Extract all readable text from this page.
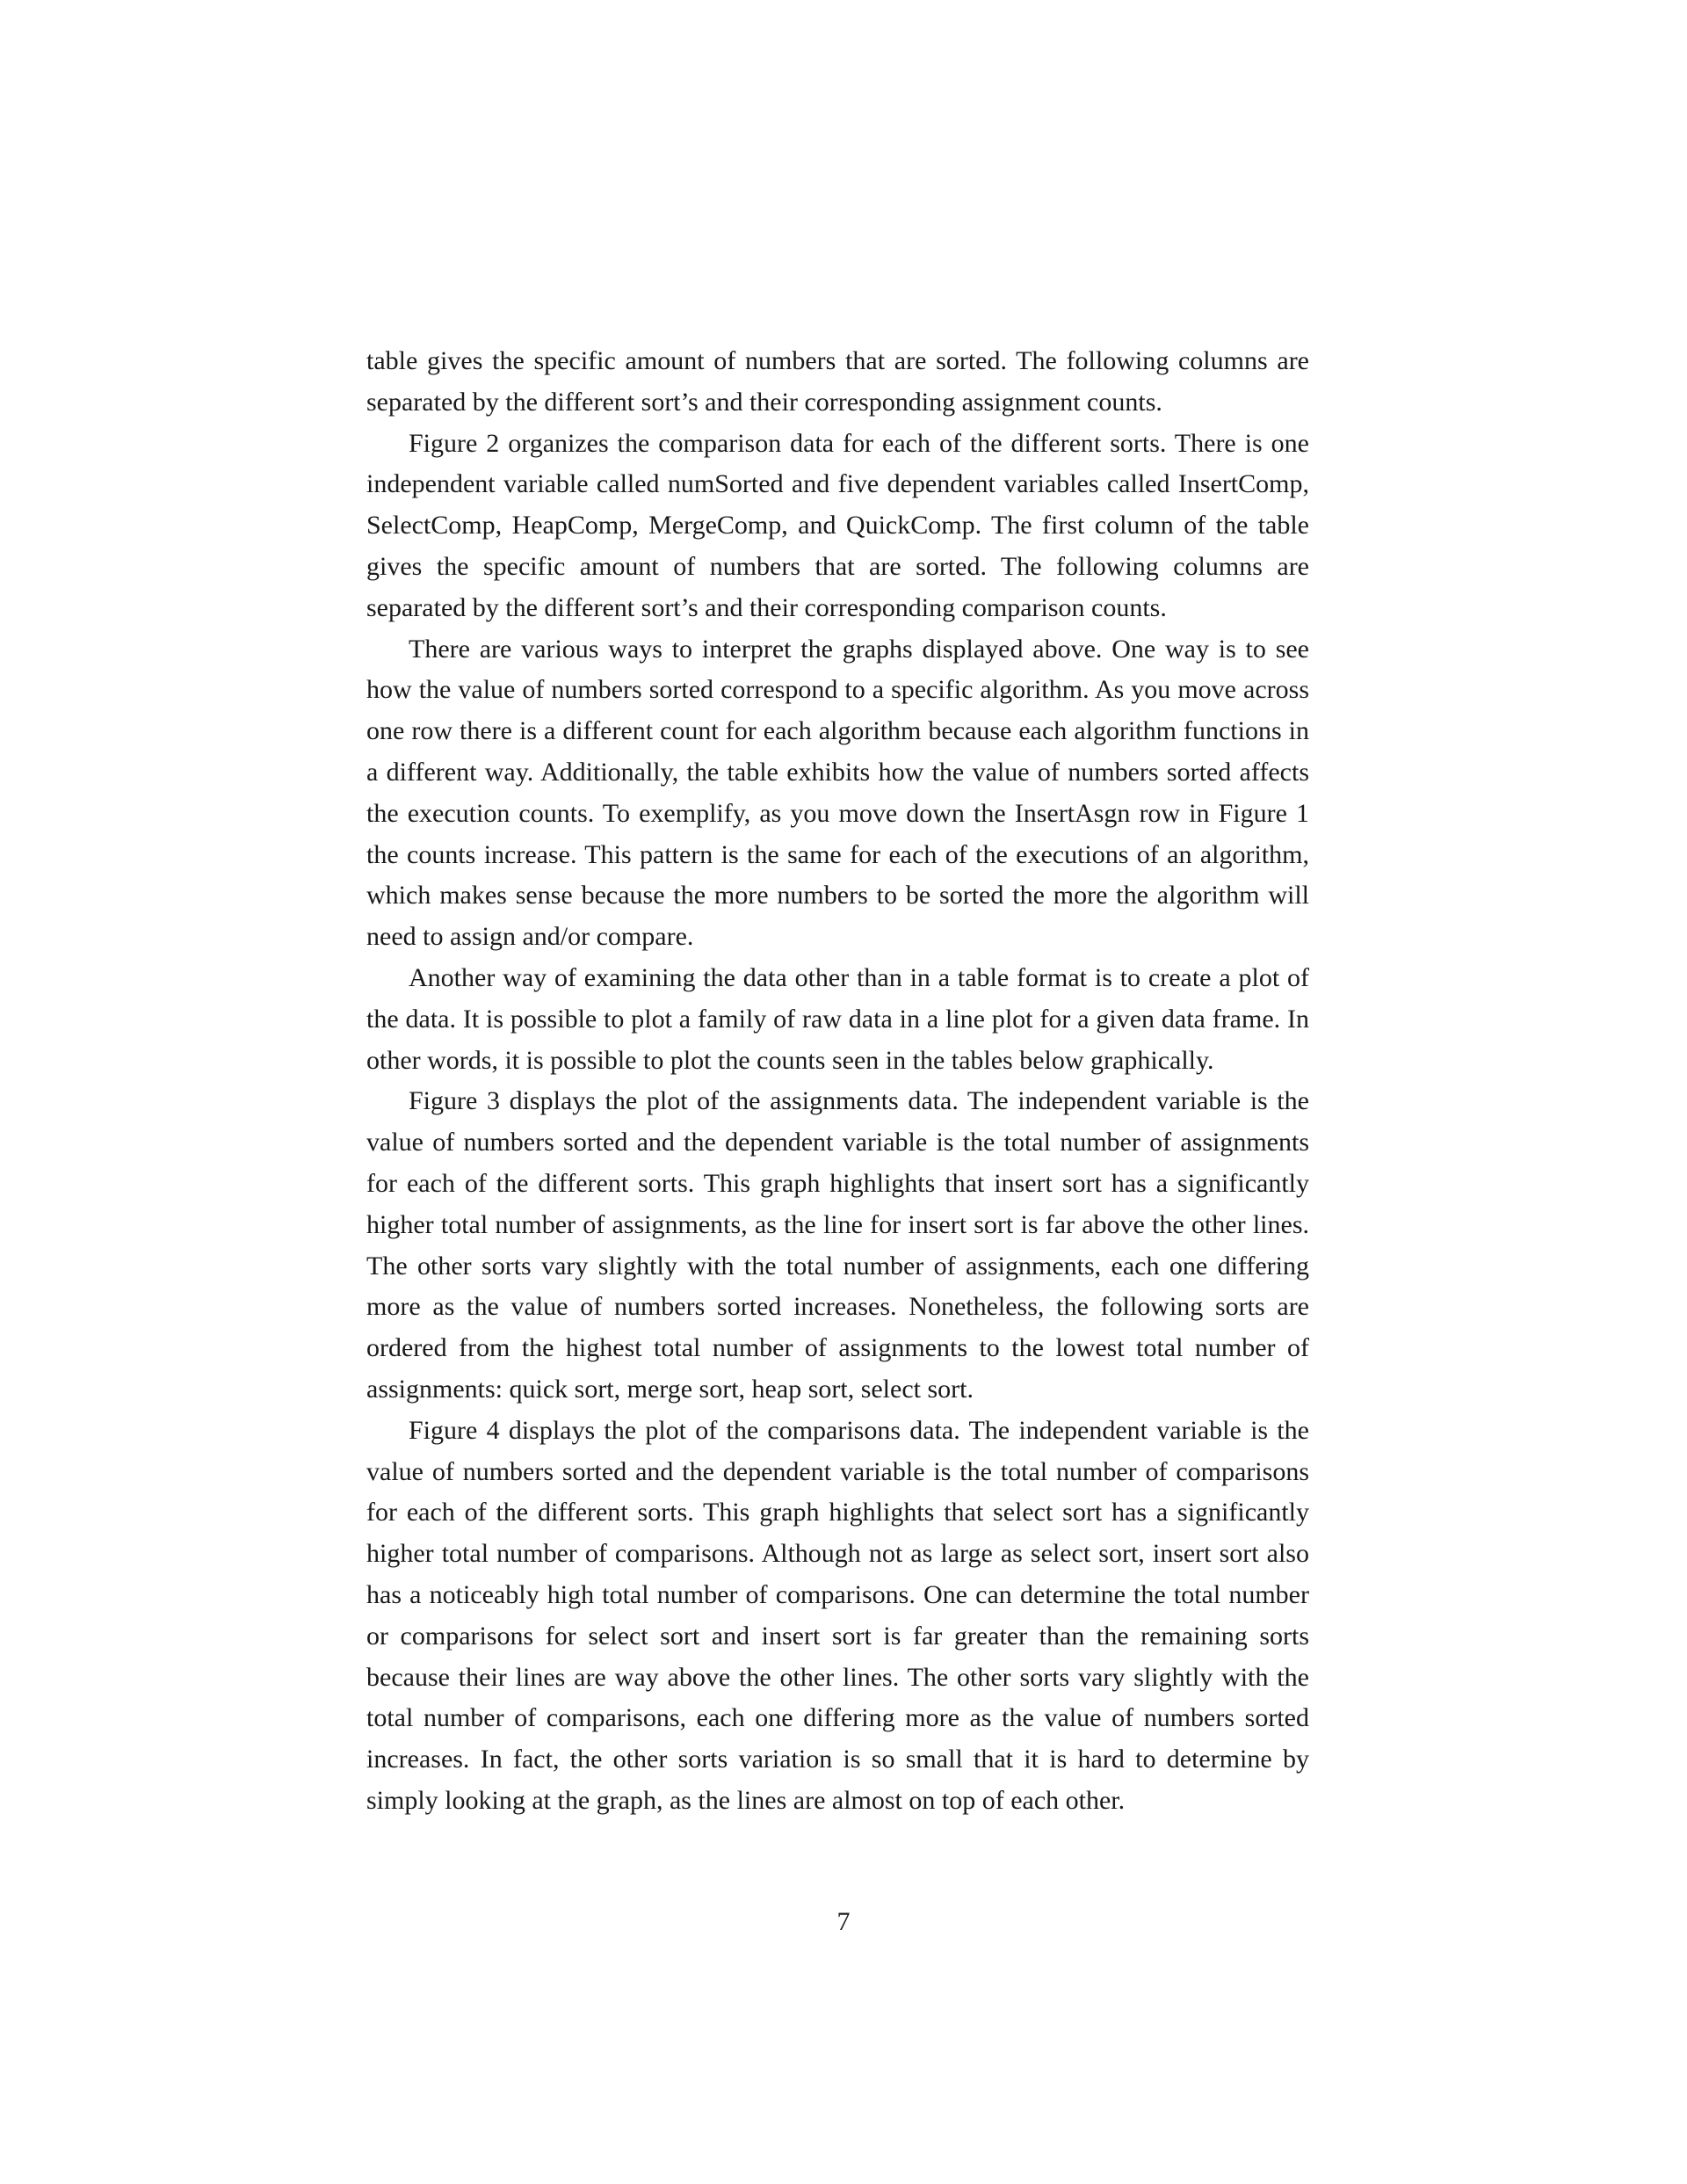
table gives the specific amount of numbers that are sorted. The following columns are separated by the different sort’s and their corresponding assignment counts.

Figure 2 organizes the comparison data for each of the different sorts. There is one independent variable called numSorted and five dependent variables called InsertComp, SelectComp, HeapComp, MergeComp, and QuickComp. The first column of the table gives the specific amount of numbers that are sorted. The following columns are separated by the different sort’s and their corresponding comparison counts.

There are various ways to interpret the graphs displayed above. One way is to see how the value of numbers sorted correspond to a specific algorithm. As you move across one row there is a different count for each algorithm because each algorithm functions in a different way. Additionally, the table exhibits how the value of numbers sorted affects the execution counts. To exemplify, as you move down the InsertAsgn row in Figure 1 the counts increase. This pattern is the same for each of the executions of an algorithm, which makes sense because the more numbers to be sorted the more the algorithm will need to assign and/or compare.

Another way of examining the data other than in a table format is to create a plot of the data. It is possible to plot a family of raw data in a line plot for a given data frame. In other words, it is possible to plot the counts seen in the tables below graphically.

Figure 3 displays the plot of the assignments data. The independent variable is the value of numbers sorted and the dependent variable is the total number of assignments for each of the different sorts. This graph highlights that insert sort has a significantly higher total number of assignments, as the line for insert sort is far above the other lines. The other sorts vary slightly with the total number of assignments, each one differing more as the value of numbers sorted increases. Nonetheless, the following sorts are ordered from the highest total number of assignments to the lowest total number of assignments: quick sort, merge sort, heap sort, select sort.

Figure 4 displays the plot of the comparisons data. The independent variable is the value of numbers sorted and the dependent variable is the total number of comparisons for each of the different sorts. This graph highlights that select sort has a significantly higher total number of comparisons. Although not as large as select sort, insert sort also has a noticeably high total number of comparisons. One can determine the total number or comparisons for select sort and insert sort is far greater than the remaining sorts because their lines are way above the other lines. The other sorts vary slightly with the total number of comparisons, each one differing more as the value of numbers sorted increases. In fact, the other sorts variation is so small that it is hard to determine by simply looking at the graph, as the lines are almost on top of each other.

7
